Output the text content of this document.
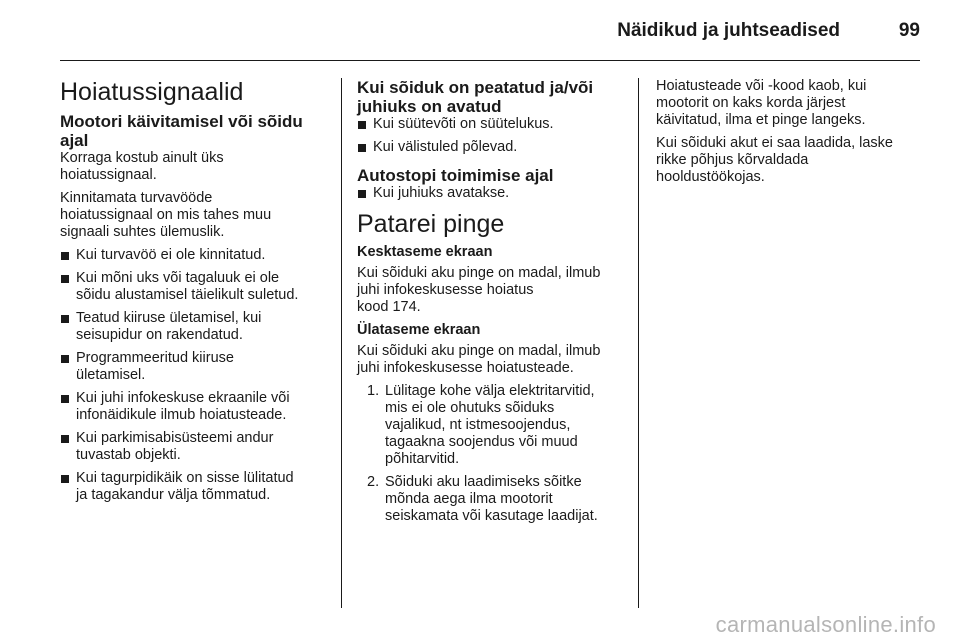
Näidikud ja juhtseadised	99
Hoiatussignaalid
Mootori käivitamisel või sõidu
ajal

Korraga kostub ainult üks
hoiatussignaal.

Kinnitamata turvavööde
hoiatussignaal on mis tahes muu
signaali suhtes ülemuslik.

Kui turvavöö ei ole kinnitatud.
Kui mõni uks või tagaluuk ei ole
sõidu alustamisel täielikult suletud.
Teatud kiiruse ületamisel, kui
seisupidur on rakendatud.
Programmeeritud kiiruse
ületamisel.
Kui juhi infokeskuse ekraanile või
infonäidikule ilmub hoiatusteade.
Kui parkimisabisüsteemi andur
tuvastab objekti.
Kui tagurpidikäik on sisse lülitatud
ja tagakandur välja tõmmatud.
Kui sõiduk on peatatud ja/või
juhiuks on avatud
Kui süütevõti on süütelukus.
Kui välistuled põlevad.
Autostopi toimimise ajal
Kui juhiuks avatakse.
Patarei pinge
Kesktaseme ekraan

Kui sõiduki aku pinge on madal, ilmub
juhi infokeskusesse hoiatus
kood 174.

Ülataseme ekraan

Kui sõiduki aku pinge on madal, ilmub
juhi infokeskusesse hoiatusteade.

1. Lülitage kohe välja elektritarvitid,
mis ei ole ohutuks sõiduks
vajalikud, nt istmesoojendus,
tagaakna soojendus või muud
põhitarvitid.
2. Sõiduki aku laadimiseks sõitke
mõnda aega ilma mootorit
seiskamata või kasutage laadijat.

Hoiatusteade või -kood kaob, kui
mootorit on kaks korda järjest
käivitatud, ilma et pinge langeks.

Kui sõiduki akut ei saa laadida, laske
rikke põhjus kõrvaldada
hooldustöökojas.

carmanualsonline.info
